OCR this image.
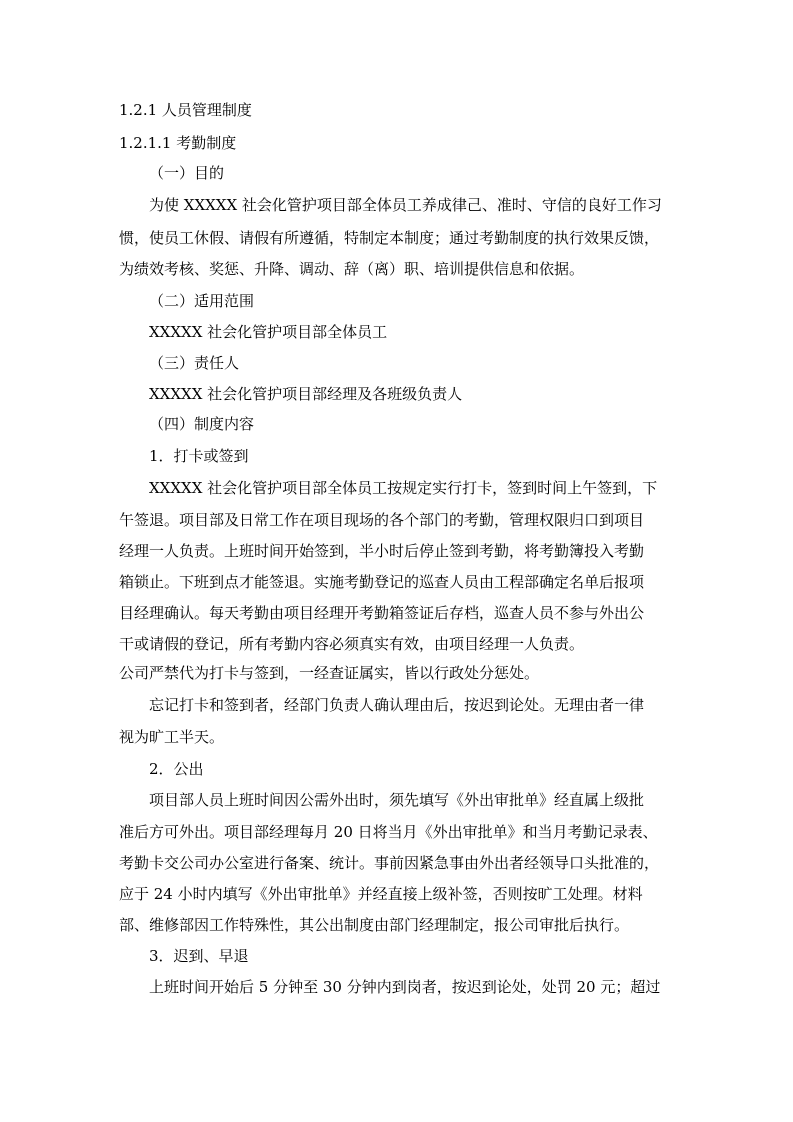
1.2.1 人员管理制度
1.2.1.1 考勤制度
（一）目的
为使 XXXXX 社会化管护项目部全体员工养成律己、准时、守信的良好工作习
惯，使员工休假、请假有所遵循，特制定本制度；通过考勤制度的执行效果反馈，
为绩效考核、奖惩、升降、调动、辞（离）职、培训提供信息和依据。
（二）适用范围
XXXXX 社会化管护项目部全体员工
（三）责任人
XXXXX 社会化管护项目部经理及各班级负责人
（四）制度内容
1．打卡或签到
XXXXX 社会化管护项目部全体员工按规定实行打卡，签到时间上午签到，下
午签退。项目部及日常工作在项目现场的各个部门的考勤，管理权限归口到项目
经理一人负责。上班时间开始签到，半小时后停止签到考勤，将考勤簿投入考勤
箱锁止。下班到点才能签退。实施考勤登记的巡查人员由工程部确定名单后报项
目经理确认。每天考勤由项目经理开考勤箱签证后存档，巡查人员不参与外出公
干或请假的登记，所有考勤内容必须真实有效，由项目经理一人负责。
公司严禁代为打卡与签到，一经查证属实，皆以行政处分惩处。
忘记打卡和签到者，经部门负责人确认理由后，按迟到论处。无理由者一律
视为旷工半天。
2．公出
项目部人员上班时间因公需外出时，须先填写《外出审批单》经直属上级批
准后方可外出。项目部经理每月 20 日将当月《外出审批单》和当月考勤记录表、
考勤卡交公司办公室进行备案、统计。事前因紧急事由外出者经领导口头批准的，
应于 24 小时内填写《外出审批单》并经直接上级补签，否则按旷工处理。材料
部、维修部因工作特殊性，其公出制度由部门经理制定，报公司审批后执行。
3．迟到、早退
上班时间开始后 5 分钟至 30 分钟内到岗者，按迟到论处，处罚 20 元；超过
